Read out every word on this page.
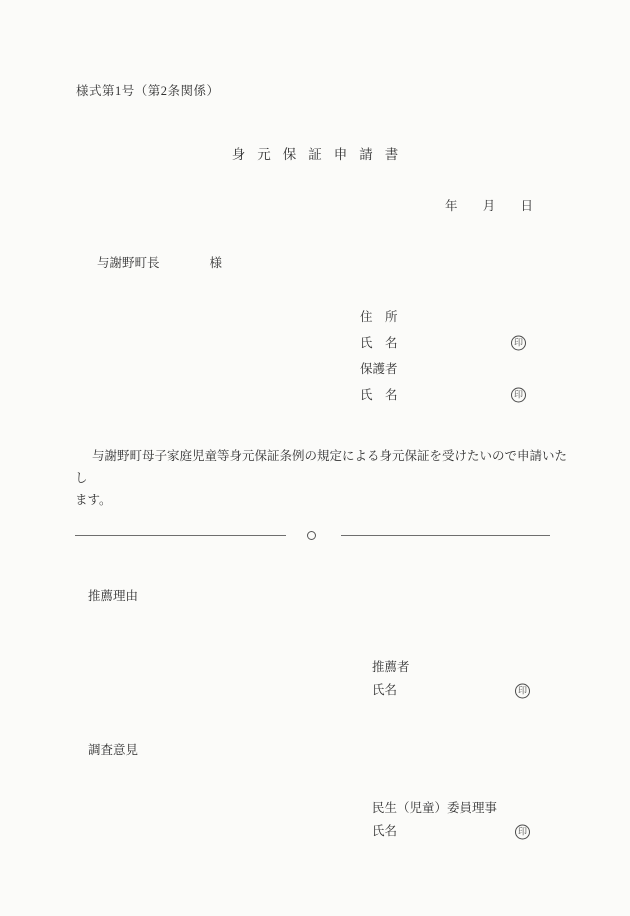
様式第1号（第2条関係）
身元保証申請書
年 月 日
与謝野町長	様
住　所
氏　名	印
保護者
氏　名	印
与謝野町母子家庭児童等身元保証条例の規定による身元保証を受けたいので申請いたし
ます。
推薦理由
推薦者
氏名	印
調査意見
民生（児童）委員理事
氏名	印
